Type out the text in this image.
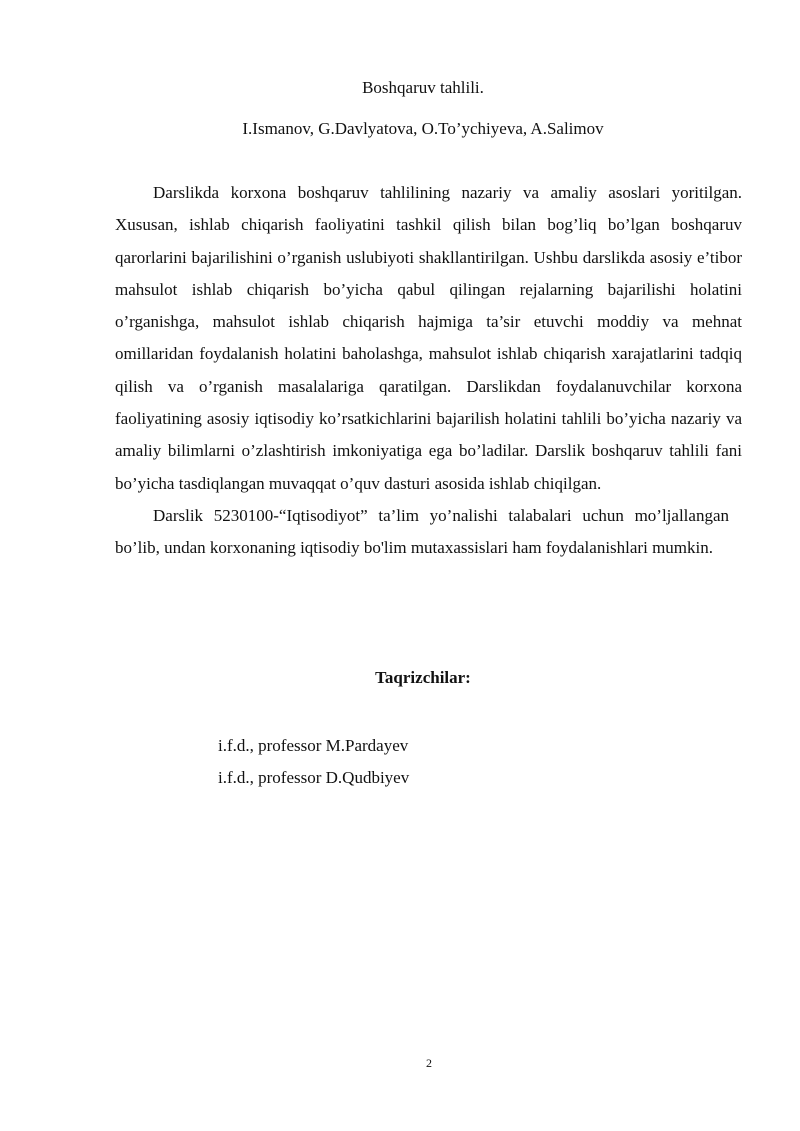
Boshqaruv tahlili.

I.Ismanov, G.Davlyatova, O.To’ychiyeva, A.Salimov

Darslikda korxona boshqaruv tahlilining nazariy va amaliy asoslari yoritilgan. Xususan, ishlab chiqarish faoliyatini tashkil qilish bilan bog’liq bo’lgan boshqaruv qarorlarini bajarilishini o’rganish uslubiyoti shakllantirilgan. Ushbu darslikda asosiy e’tibor mahsulot ishlab chiqarish bo’yicha qabul qilingan rejalarning bajarilishi holatini o’rganishga, mahsulot ishlab chiqarish hajmiga ta’sir etuvchi moddiy va mehnat omillaridan foydalanish holatini baholashga, mahsulot ishlab chiqarish xarajatlarini tadqiq qilish va o’rganish masalalariga qaratilgan. Darslikdan foydalanuvchilar korxona faoliyatining asosiy iqtisodiy ko’rsatkichlarini bajarilish holatini tahlili bo’yicha nazariy va amaliy bilimlarni o’zlashtirish imkoniyatiga ega bo’ladilar. Darslik boshqaruv tahlili fani bo’yicha tasdiqlangan muvaqqat o’quv dasturi asosida ishlab chiqilgan.

Darslik 5230100-“Iqtisodiyot” ta’lim yo’nalishi talabalari uchun mo’ljallangan bo’lib, undan korxonaning iqtisodiy bo'lim mutaxassislari ham foydalanishlari mumkin.

Taqrizchilar:

i.f.d., professor M.Pardayev
i.f.d., professor D.Qudbiyev
2
